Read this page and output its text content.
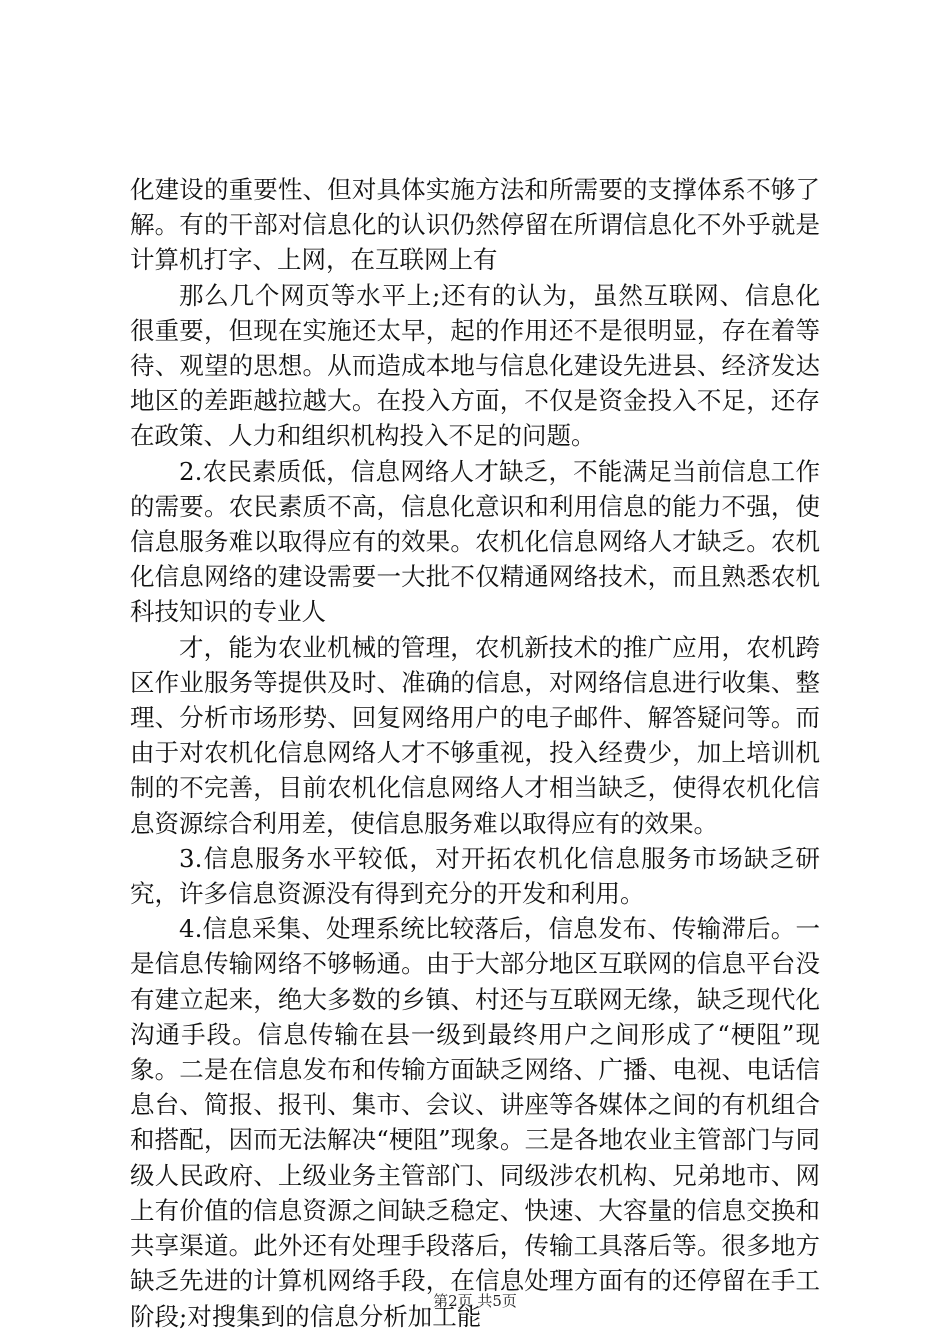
化建设的重要性、但对具体实施方法和所需要的支撑体系不够了解。有的干部对信息化的认识仍然停留在所谓信息化不外乎就是计算机打字、上网，在互联网上有

那么几个网页等水平上;还有的认为，虽然互联网、信息化很重要，但现在实施还太早，起的作用还不是很明显，存在着等待、观望的思想。从而造成本地与信息化建设先进县、经济发达地区的差距越拉越大。在投入方面，不仅是资金投入不足，还存在政策、人力和组织机构投入不足的问题。

2.农民素质低，信息网络人才缺乏，不能满足当前信息工作的需要。农民素质不高，信息化意识和利用信息的能力不强，使信息服务难以取得应有的效果。农机化信息网络人才缺乏。农机化信息网络的建设需要一大批不仅精通网络技术，而且熟悉农机科技知识的专业人

才，能为农业机械的管理，农机新技术的推广应用，农机跨区作业服务等提供及时、准确的信息，对网络信息进行收集、整理、分析市场形势、回复网络用户的电子邮件、解答疑问等。而由于对农机化信息网络人才不够重视，投入经费少，加上培训机制的不完善，目前农机化信息网络人才相当缺乏，使得农机化信息资源综合利用差，使信息服务难以取得应有的效果。

3.信息服务水平较低，对开拓农机化信息服务市场缺乏研究，许多信息资源没有得到充分的开发和利用。

4.信息采集、处理系统比较落后，信息发布、传输滞后。一是信息传输网络不够畅通。由于大部分地区互联网的信息平台没有建立起来，绝大多数的乡镇、村还与互联网无缘，缺乏现代化沟通手段。信息传输在县一级到最终用户之间形成了“梗阻”现象。二是在信息发布和传输方面缺乏网络、广播、电视、电话信息台、简报、报刊、集市、会议、讲座等各媒体之间的有机组合和搭配，因而无法解决“梗阻”现象。三是各地农业主管部门与同级人民政府、上级业务主管部门、同级涉农机构、兄弟地市、网上有价值的信息资源之间缺乏稳定、快速、大容量的信息交换和共享渠道。此外还有处理手段落后，传输工具落后等。很多地方缺乏先进的计算机网络手段，在信息处理方面有的还停留在手工阶段;对搜集到的信息分析加工能

第2页 共5页
